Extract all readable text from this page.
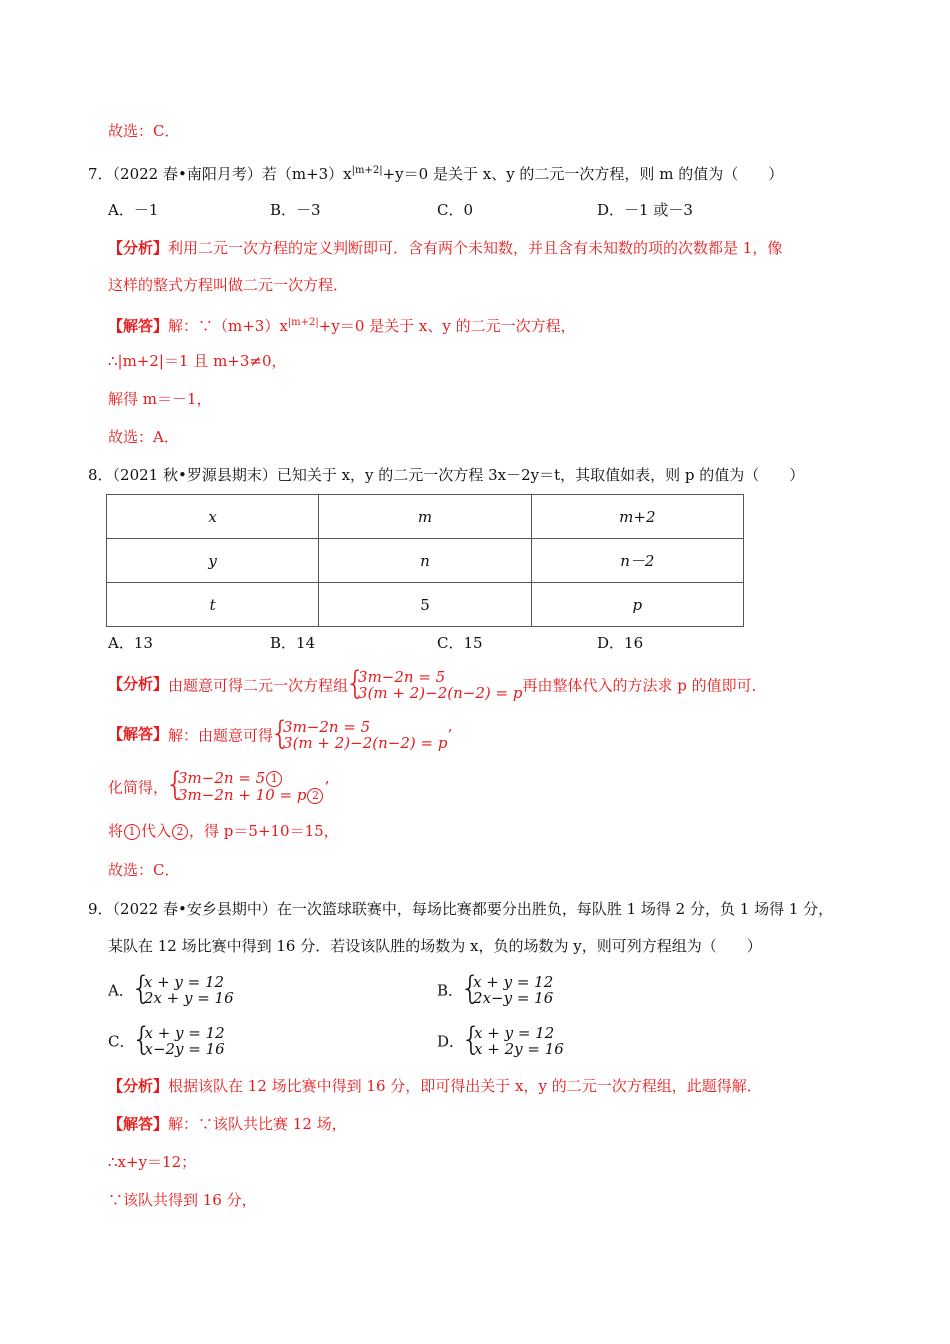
故选：C．
7．（2022 春•南阳月考）若$(m+3)x^{|m+2|}+y=0$ 是关于 x、y 的二元一次方程，则 m 的值为（　　）
A．－1	B．－3	C．0	D．－1 或－3
【分析】利用二元一次方程的定义判断即可．含有两个未知数，并且含有未知数的项的次数都是 1，像
这样的整式方程叫做二元一次方程．
【解答】解：$\because(m+3)x^{|m+2|}+y=0$ 是关于 x、y 的二元一次方程，
∴|m+2|＝1 且 m+3≠0，
解得 m＝－1，
故选：A．
8．（2021 秋•罗源县期末）已知关于 x，y 的二元一次方程 3x－2y＝t，其取值如表，则 p 的值为（　　）
x	m	m+2
y	n	n－2
t	5	p
A．13	B．14	C．15	D．16
【分析】由题意可得二元一次方程组 { 3m−2n = 5
3(m + 2)−2(n−2) = p 再由整体代入的方法求 p 的值即可．
【解答】解：由题意可得 { 3m−2n = 5
3(m + 2)−2(n−2) = p ’
化简得，
{ 3m−2n = 5 1
3m−2n + 10 = p 2 ’
将 1 代入 2 ，得 p＝5+10＝15，
故选：C．
9．（2022 春•安乡县期中）在一次篮球联赛中，每场比赛都要分出胜负，每队胜 1 场得 2 分，负 1 场得 1 分，
某队在 12 场比赛中得到 16 分．若设该队胜的场数为 x，负的场数为 y，则可列方程组为（　　）
A． { x + y = 12
2x + y = 16	B． { x + y = 12
2x−y = 16
C． { x + y = 12
x−2y = 16	D． { x + y = 12
x + 2y = 16
【分析】根据该队在 12 场比赛中得到 16 分，即可得出关于 x，y 的二元一次方程组，此题得解．
【解答】解：∵该队共比赛 12 场，
∴x+y＝12；
∵该队共得到 16 分，
